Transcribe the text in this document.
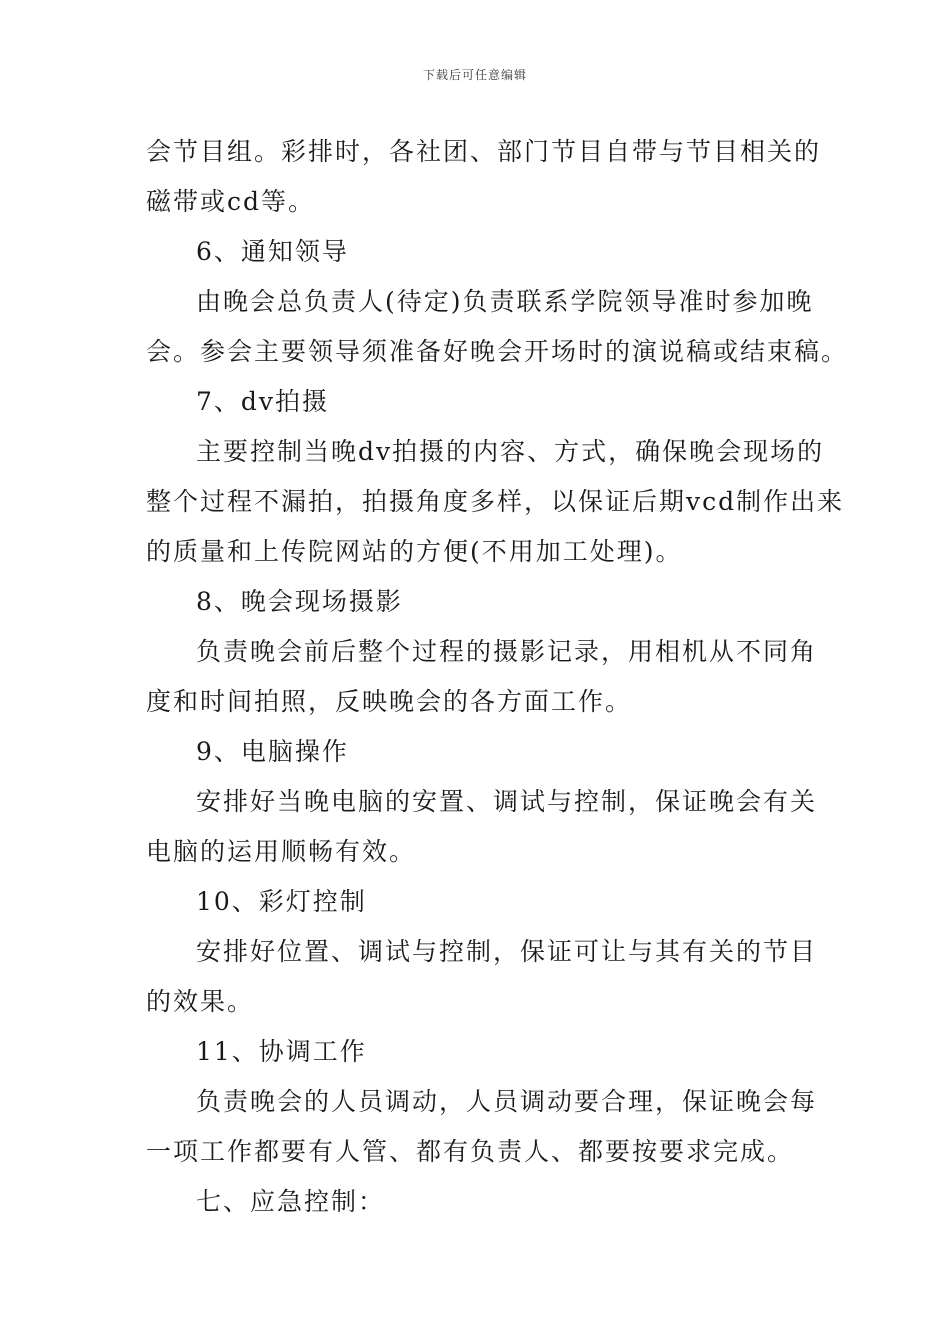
下载后可任意编辑

会节目组。彩排时，各社团、部门节目自带与节目相关的

磁带或cd等。

6、通知领导

由晚会总负责人(待定)负责联系学院领导准时参加晚

会。参会主要领导须准备好晚会开场时的演说稿或结束稿。

7、dv拍摄

主要控制当晚dv拍摄的内容、方式，确保晚会现场的

整个过程不漏拍，拍摄角度多样，以保证后期vcd制作出来

的质量和上传院网站的方便(不用加工处理)。

8、晚会现场摄影

负责晚会前后整个过程的摄影记录，用相机从不同角

度和时间拍照，反映晚会的各方面工作。

9、电脑操作

安排好当晚电脑的安置、调试与控制，保证晚会有关

电脑的运用顺畅有效。

10、彩灯控制

安排好位置、调试与控制，保证可让与其有关的节目

的效果。

11、协调工作

负责晚会的人员调动，人员调动要合理，保证晚会每

一项工作都要有人管、都有负责人、都要按要求完成。

七、应急控制：
